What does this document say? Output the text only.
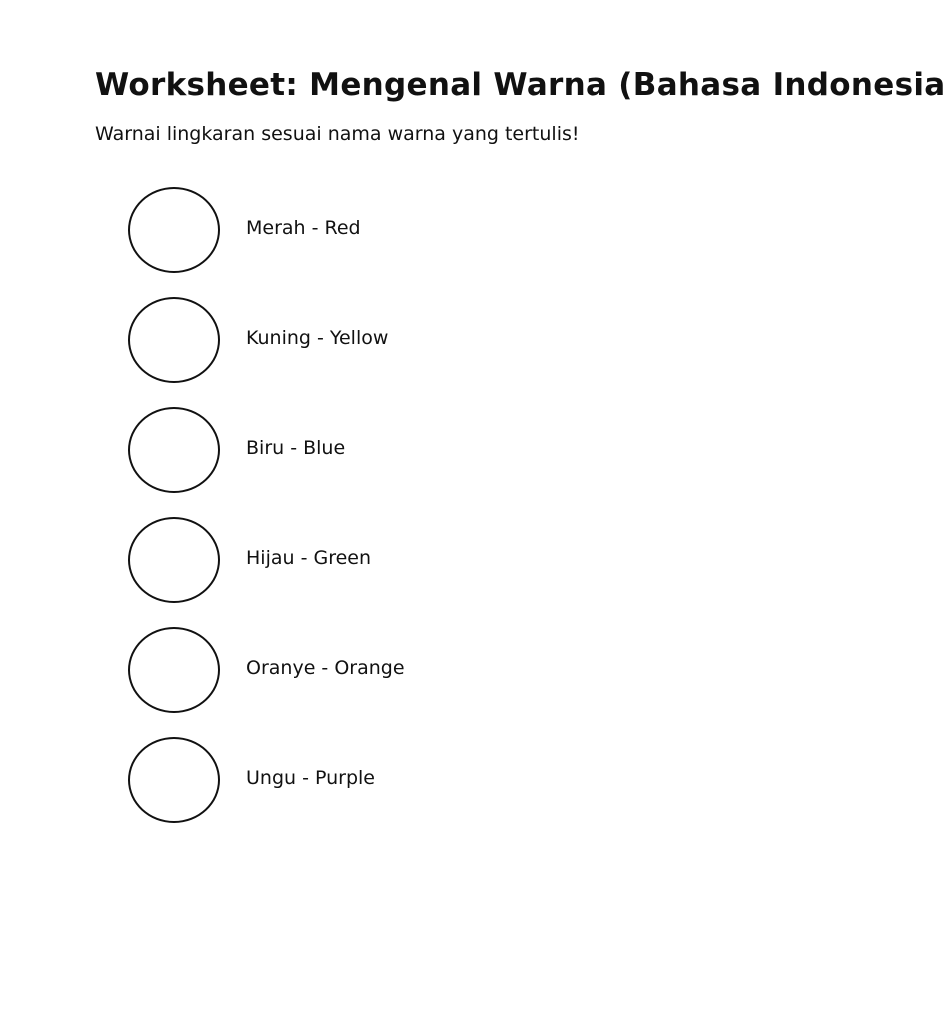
Worksheet: Mengenal Warna (Bahasa Indonesia

Warnai lingkaran sesuai nama warna yang tertulis!

Merah - Red
Kuning - Yellow
Biru - Blue
Hijau - Green
Oranye - Orange
Ungu - Purple
